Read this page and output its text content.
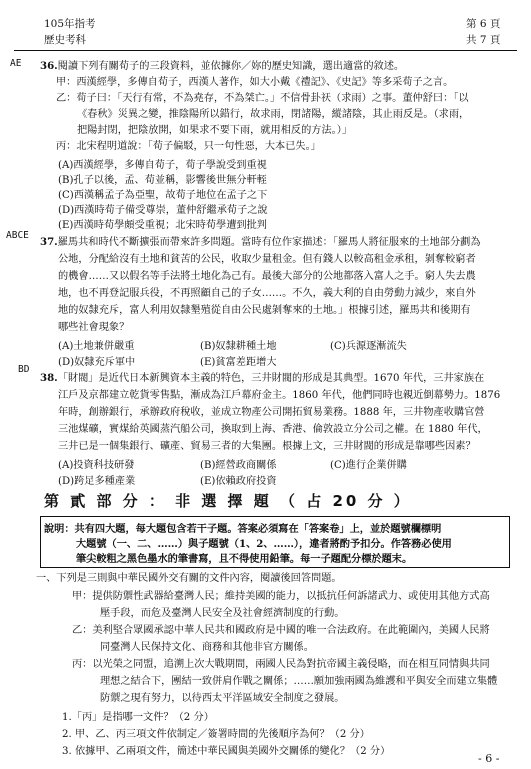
105年指考
歷史考科
第 6 頁
共 7 頁
AE 36.閱讀下列有關荀子的三段資料，並依據你／妳的歷史知識，選出適當的敘述。
甲：西漢經學，多傳自荀子，西漢人著作，如大小戴《禮記》、《史記》等多采荀子之言。
乙：荀子曰：「天行有常，不為堯存，不為桀亡。」不信骨卦祆（求雨）之事。董仲舒曰：「以
《春秋》災異之變，推陰陽所以錯行，故求雨，閉諸陽，縱諸陰，其止雨反是。（求雨，
把陽封閉，把陰放開，如果求不要下雨，就用相反的方法。）」
丙：北宋程明道說：「荀子偏駁，只一句性惡，大本已失。」
(A)西漢經學，多傳自荀子，荀子學說受到重視
(B)孔子以後，孟、荀並稱，影響後世無分軒輊
(C)西漢稱孟子為亞聖，故荀子地位在孟子之下
(D)西漢時荀子備受尊崇，董仲舒繼承荀子之說
(E)西漢時荀學頗受重視；北宋時荀學遭到批判
ABCE
37.羅馬共和時代不斷擴張而帶來許多問題。當時有位作家描述：「羅馬人將征服來的土地部分劃為
公地，分配給沒有土地和貧苦的公民，收取少量租金。但有錢人以較高租金承租，剝奪較窮者
的機會……又以假名等手法將土地化為己有。最後大部分的公地都落入富人之手。窮人失去農
地，也不再登記服兵役，不再照顧自己的子女……。不久，義大利的自由勞動力減少，來自外
地的奴隸充斥，富人利用奴隸墾殖從自由公民處剝奪來的土地。」根據引述，羅馬共和後期有
哪些社會現象？
(A)土地兼併嚴重	(B)奴隸耕種土地	(C)兵源逐漸流失
(D)奴隸充斥軍中	(E)貧富差距增大
BD
38.「財閥」是近代日本新興資本主義的特色，三井財閥的形成是其典型。1670 年代，三井家族在
江戶及京都建立乾貨零售點，漸成為江戶幕府金主。1860 年代，他們同時也親近倒幕勢力。1876
年時，創辦銀行，承辦政府稅收，並成立物產公司開拓貿易業務。1888 年，三井物產收購官營
三池煤礦，實煤給英國蒸汽船公司，換取到上海、香港、倫敦設立分公司之權。在 1880 年代，
三井已是一個集銀行、礦產、貿易三者的大集團。根據上文，三井財閥的形成是靠哪些因素？
(A)投資科技研發	(B)經營政商關係	(C)進行企業併購
(D)跨足多種產業	(E)依賴政府投資
第 貳 部 分 ： 非 選 擇 題 （ 占 20 分 ）
說明：共有四大題，每大題包含若干子題。答案必須寫在「答案卷」上，並於題號欄標明
大題號（一、二、……）與子題號（1、2、……），違者將酌予扣分。作答務必使用
筆尖較粗之黑色墨水的筆書寫，且不得使用鉛筆。每一子題配分標於題末。
一、下列是三則與中華民國外交有關的文件內容，閱讀後回答問題。
甲：提供防禦性武器給臺灣人民；維持美國的能力，以抵抗任何訴諸武力、或使用其他方式高
壓手段，而危及臺灣人民安全及社會經濟制度的行動。
乙：美利堅合眾國承認中華人民共和國政府是中國的唯一合法政府。在此範圍內，美國人民將
同臺灣人民保持文化、商務和其他非官方關係。
丙：以光榮之同盟，追溯上次大戰期間，兩國人民為對抗帝國主義侵略，而在相互同情與共同
理想之結合下，團結一致併肩作戰之關係；……願加強兩國為維護和平與安全而建立集體
防禦之現有努力，以待西太平洋區域安全制度之發展。
1.「丙」是指哪一文件？（2 分）
2. 甲、乙、丙三項文件依制定／簽署時間的先後順序為何？（2 分）
3. 依據甲、乙兩項文件，簡述中華民國與美國外交關係的變化？（2 分）
- 6 -
